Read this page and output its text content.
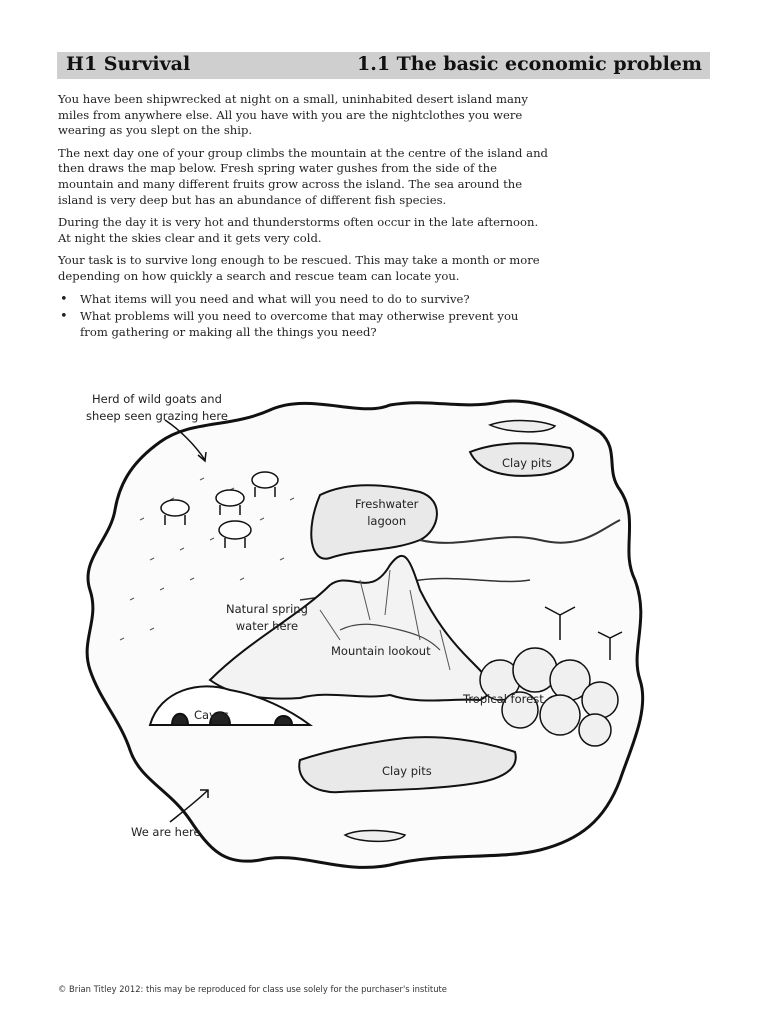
H1 Survival	1.1 The basic economic problem

You have been shipwrecked at night on a small, uninhabited desert island many miles from anywhere else. All you have with you are the nightclothes you were wearing as you slept on the ship.

The next day one of your group climbs the mountain at the centre of the island and then draws the map below. Fresh spring water gushes from the side of the mountain and many different fruits grow across the island. The sea around the island is very deep but has an abundance of different fish species.

During the day it is very hot and thunderstorms often occur in the late afternoon. At night the skies clear and it gets very cold.

Your task is to survive long enough to be rescued. This may take a month or more depending on how quickly a search and rescue team can locate you.

• What items will you need and what will you need to do to survive?
• What problems will you need to overcome that may otherwise prevent you from gathering or making all the things you need?
Herd of wild goats and
sheep seen grazing here
Clay pits
Freshwater
lagoon
Natural spring
water here
Mountain lookout
Tropical forest
Caves
Clay pits
We are here
© Brian Titley 2012: this may be reproduced for class use solely for the purchaser's institute
